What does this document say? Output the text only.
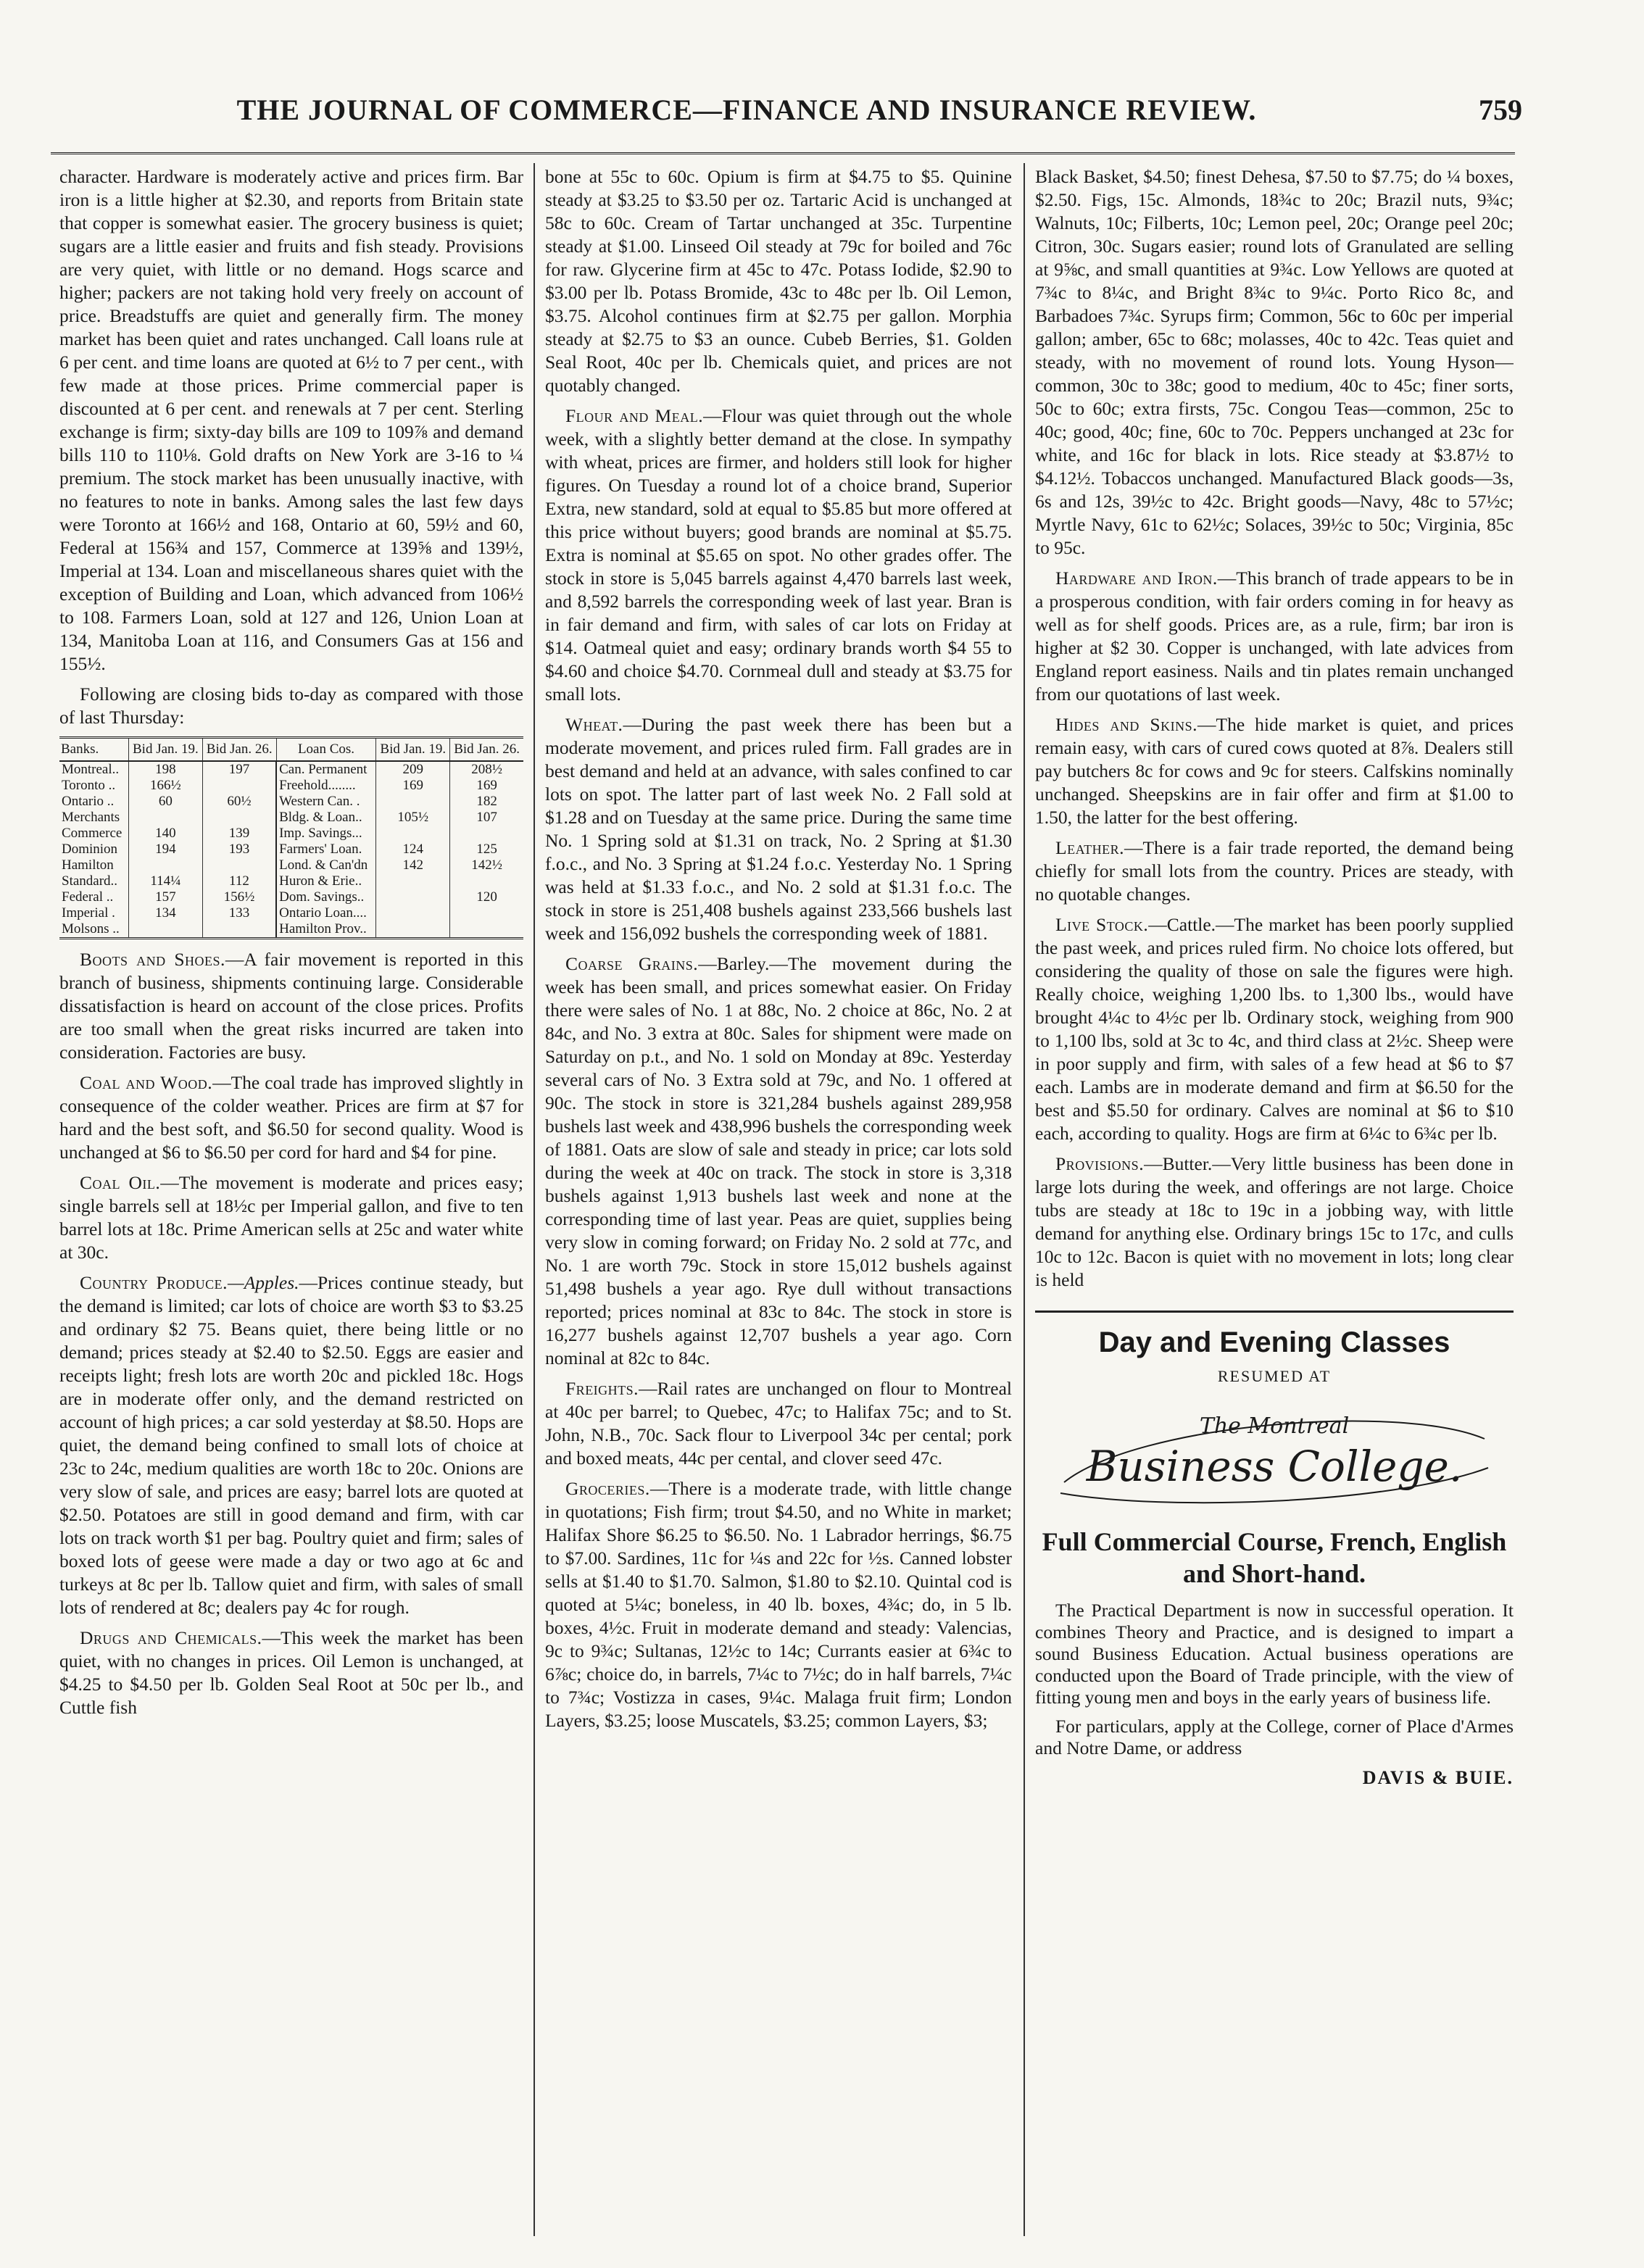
THE JOURNAL OF COMMERCE—FINANCE AND INSURANCE REVIEW.	759

character. Hardware is moderately active and prices firm. Bar iron is a little higher at $2.30, and reports from Britain state that copper is somewhat easier. The grocery business is quiet; sugars are a little easier and fruits and fish steady. Provisions are very quiet, with little or no demand. Hogs scarce and higher; packers are not taking hold very freely on account of price. Breadstuffs are quiet and generally firm. The money market has been quiet and rates unchanged. Call loans rule at 6 per cent. and time loans are quoted at 6½ to 7 per cent., with few made at those prices. Prime commercial paper is discounted at 6 per cent. and renewals at 7 per cent. Sterling exchange is firm; sixty-day bills are 109 to 109⅞ and demand bills 110 to 110⅛. Gold drafts on New York are 3-16 to ¼ premium. The stock market has been unusually inactive, with no features to note in banks. Among sales the last few days were Toronto at 166½ and 168, Ontario at 60, 59½ and 60, Federal at 156¾ and 157, Commerce at 139⅝ and 139½, Imperial at 134. Loan and miscellaneous shares quiet with the exception of Building and Loan, which advanced from 106½ to 108. Farmers Loan, sold at 127 and 126, Union Loan at 134, Manitoba Loan at 116, and Consumers Gas at 156 and 155½.

Following are closing bids to-day as compared with those of last Thursday:

Banks.	Bid Jan. 19.	Bid Jan. 26.	Loan Cos.	Bid Jan. 19.	Bid Jan. 26.
Montreal..	198	197	Can. Permanent	209	208½
Toronto ..	166½		Freehold........	169	169
Ontario ..	60	60½	Western Can. .		182
Merchants			Bldg. & Loan..	105½	107
Commerce	140	139	Imp. Savings...		
Dominion	194	193	Farmers' Loan.	124	125
Hamilton			Lond. & Can'dn	142	142½
Standard..	114¼	112	Huron & Erie..		
Federal ..	157	156½	Dom. Savings..		120
Imperial .	134	133	Ontario Loan....		
Molsons ..			Hamilton Prov..		

Boots and Shoes.—A fair movement is reported in this branch of business, shipments continuing large. Considerable dissatisfaction is heard on account of the close prices. Profits are too small when the great risks incurred are taken into consideration. Factories are busy.

Coal and Wood.—The coal trade has improved slightly in consequence of the colder weather. Prices are firm at $7 for hard and the best soft, and $6.50 for second quality. Wood is unchanged at $6 to $6.50 per cord for hard and $4 for pine.

Coal Oil.—The movement is moderate and prices easy; single barrels sell at 18½c per Imperial gallon, and five to ten barrel lots at 18c. Prime American sells at 25c and water white at 30c.

Country Produce.—Apples.—Prices continue steady, but the demand is limited; car lots of choice are worth $3 to $3.25 and ordinary $2 75. Beans quiet, there being little or no demand; prices steady at $2.40 to $2.50. Eggs are easier and receipts light; fresh lots are worth 20c and pickled 18c. Hogs are in moderate offer only, and the demand restricted on account of high prices; a car sold yesterday at $8.50. Hops are quiet, the demand being confined to small lots of choice at 23c to 24c, medium qualities are worth 18c to 20c. Onions are very slow of sale, and prices are easy; barrel lots are quoted at $2.50. Potatoes are still in good demand and firm, with car lots on track worth $1 per bag. Poultry quiet and firm; sales of boxed lots of geese were made a day or two ago at 6c and turkeys at 8c per lb. Tallow quiet and firm, with sales of small lots of rendered at 8c; dealers pay 4c for rough.

Drugs and Chemicals.—This week the market has been quiet, with no changes in prices. Oil Lemon is unchanged, at $4.25 to $4.50 per lb. Golden Seal Root at 50c per lb., and Cuttle fish

bone at 55c to 60c. Opium is firm at $4.75 to $5. Quinine steady at $3.25 to $3.50 per oz. Tartaric Acid is unchanged at 58c to 60c. Cream of Tartar unchanged at 35c. Turpentine steady at $1.00. Linseed Oil steady at 79c for boiled and 76c for raw. Glycerine firm at 45c to 47c. Potass Iodide, $2.90 to $3.00 per lb. Potass Bromide, 43c to 48c per lb. Oil Lemon, $3.75. Alcohol continues firm at $2.75 per gallon. Morphia steady at $2.75 to $3 an ounce. Cubeb Berries, $1. Golden Seal Root, 40c per lb. Chemicals quiet, and prices are not quotably changed.

Flour and Meal.—Flour was quiet through out the whole week, with a slightly better demand at the close. In sympathy with wheat, prices are firmer, and holders still look for higher figures. On Tuesday a round lot of a choice brand, Superior Extra, new standard, sold at equal to $5.85 but more offered at this price without buyers; good brands are nominal at $5.75. Extra is nominal at $5.65 on spot. No other grades offer. The stock in store is 5,045 barrels against 4,470 barrels last week, and 8,592 barrels the corresponding week of last year. Bran is in fair demand and firm, with sales of car lots on Friday at $14. Oatmeal quiet and easy; ordinary brands worth $4 55 to $4.60 and choice $4.70. Cornmeal dull and steady at $3.75 for small lots.

Wheat.—During the past week there has been but a moderate movement, and prices ruled firm. Fall grades are in best demand and held at an advance, with sales confined to car lots on spot. The latter part of last week No. 2 Fall sold at $1.28 and on Tuesday at the same price. During the same time No. 1 Spring sold at $1.31 on track, No. 2 Spring at $1.30 f.o.c., and No. 3 Spring at $1.24 f.o.c. Yesterday No. 1 Spring was held at $1.33 f.o.c., and No. 2 sold at $1.31 f.o.c. The stock in store is 251,408 bushels against 233,566 bushels last week and 156,092 bushels the corresponding week of 1881.

Coarse Grains.—Barley.—The movement during the week has been small, and prices somewhat easier. On Friday there were sales of No. 1 at 88c, No. 2 choice at 86c, No. 2 at 84c, and No. 3 extra at 80c. Sales for shipment were made on Saturday on p.t., and No. 1 sold on Monday at 89c. Yesterday several cars of No. 3 Extra sold at 79c, and No. 1 offered at 90c. The stock in store is 321,284 bushels against 289,958 bushels last week and 438,996 bushels the corresponding week of 1881. Oats are slow of sale and steady in price; car lots sold during the week at 40c on track. The stock in store is 3,318 bushels against 1,913 bushels last week and none at the corresponding time of last year. Peas are quiet, supplies being very slow in coming forward; on Friday No. 2 sold at 77c, and No. 1 are worth 79c. Stock in store 15,012 bushels against 51,498 bushels a year ago. Rye dull without transactions reported; prices nominal at 83c to 84c. The stock in store is 16,277 bushels against 12,707 bushels a year ago. Corn nominal at 82c to 84c.

Freights.—Rail rates are unchanged on flour to Montreal at 40c per barrel; to Quebec, 47c; to Halifax 75c; and to St. John, N.B., 70c. Sack flour to Liverpool 34c per cental; pork and boxed meats, 44c per cental, and clover seed 47c.

Groceries.—There is a moderate trade, with little change in quotations; Fish firm; trout $4.50, and no White in market; Halifax Shore $6.25 to $6.50. No. 1 Labrador herrings, $6.75 to $7.00. Sardines, 11c for ¼s and 22c for ½s. Canned lobster sells at $1.40 to $1.70. Salmon, $1.80 to $2.10. Quintal cod is quoted at 5¼c; boneless, in 40 lb. boxes, 4¾c; do, in 5 lb. boxes, 4½c. Fruit in moderate demand and steady: Valencias, 9c to 9¾c; Sultanas, 12½c to 14c; Currants easier at 6¾c to 6⅞c; choice do, in barrels, 7¼c to 7½c; do in half barrels, 7¼c to 7¾c; Vostizza in cases, 9¼c. Malaga fruit firm; London Layers, $3.25; loose Muscatels, $3.25; common Layers, $3;

Black Basket, $4.50; finest Dehesa, $7.50 to $7.75; do ¼ boxes, $2.50. Figs, 15c. Almonds, 18¾c to 20c; Brazil nuts, 9¾c; Walnuts, 10c; Filberts, 10c; Lemon peel, 20c; Orange peel 20c; Citron, 30c. Sugars easier; round lots of Granulated are selling at 9⅝c, and small quantities at 9¾c. Low Yellows are quoted at 7¾c to 8¼c, and Bright 8¾c to 9¼c. Porto Rico 8c, and Barbadoes 7¾c. Syrups firm; Common, 56c to 60c per imperial gallon; amber, 65c to 68c; molasses, 40c to 42c. Teas quiet and steady, with no movement of round lots. Young Hyson—common, 30c to 38c; good to medium, 40c to 45c; finer sorts, 50c to 60c; extra firsts, 75c. Congou Teas—common, 25c to 40c; good, 40c; fine, 60c to 70c. Peppers unchanged at 23c for white, and 16c for black in lots. Rice steady at $3.87½ to $4.12½. Tobaccos unchanged. Manufactured Black goods—3s, 6s and 12s, 39½c to 42c. Bright goods—Navy, 48c to 57½c; Myrtle Navy, 61c to 62½c; Solaces, 39½c to 50c; Virginia, 85c to 95c.

Hardware and Iron.—This branch of trade appears to be in a prosperous condition, with fair orders coming in for heavy as well as for shelf goods. Prices are, as a rule, firm; bar iron is higher at $2 30. Copper is unchanged, with late advices from England report easiness. Nails and tin plates remain unchanged from our quotations of last week.

Hides and Skins.—The hide market is quiet, and prices remain easy, with cars of cured cows quoted at 8⅞. Dealers still pay butchers 8c for cows and 9c for steers. Calfskins nominally unchanged. Sheepskins are in fair offer and firm at $1.00 to 1.50, the latter for the best offering.

Leather.—There is a fair trade reported, the demand being chiefly for small lots from the country. Prices are steady, with no quotable changes.

Live Stock.—Cattle.—The market has been poorly supplied the past week, and prices ruled firm. No choice lots offered, but considering the quality of those on sale the figures were high. Really choice, weighing 1,200 lbs. to 1,300 lbs., would have brought 4¼c to 4½c per lb. Ordinary stock, weighing from 900 to 1,100 lbs, sold at 3c to 4c, and third class at 2½c. Sheep were in poor supply and firm, with sales of a few head at $6 to $7 each. Lambs are in moderate demand and firm at $6.50 for the best and $5.50 for ordinary. Calves are nominal at $6 to $10 each, according to quality. Hogs are firm at 6¼c to 6¾c per lb.

Provisions.—Butter.—Very little business has been done in large lots during the week, and offerings are not large. Choice tubs are steady at 18c to 19c in a jobbing way, with little demand for anything else. Ordinary brings 15c to 17c, and culls 10c to 12c. Bacon is quiet with no movement in lots; long clear is held

Day and Evening Classes
RESUMED AT
The Montreal
Business College.
Full Commercial Course, French, English and Short-hand.

The Practical Department is now in successful operation. It combines Theory and Practice, and is designed to impart a sound Business Education. Actual business operations are conducted upon the Board of Trade principle, with the view of fitting young men and boys in the early years of business life.

For particulars, apply at the College, corner of Place d'Armes and Notre Dame, or address

DAVIS & BUIE.
